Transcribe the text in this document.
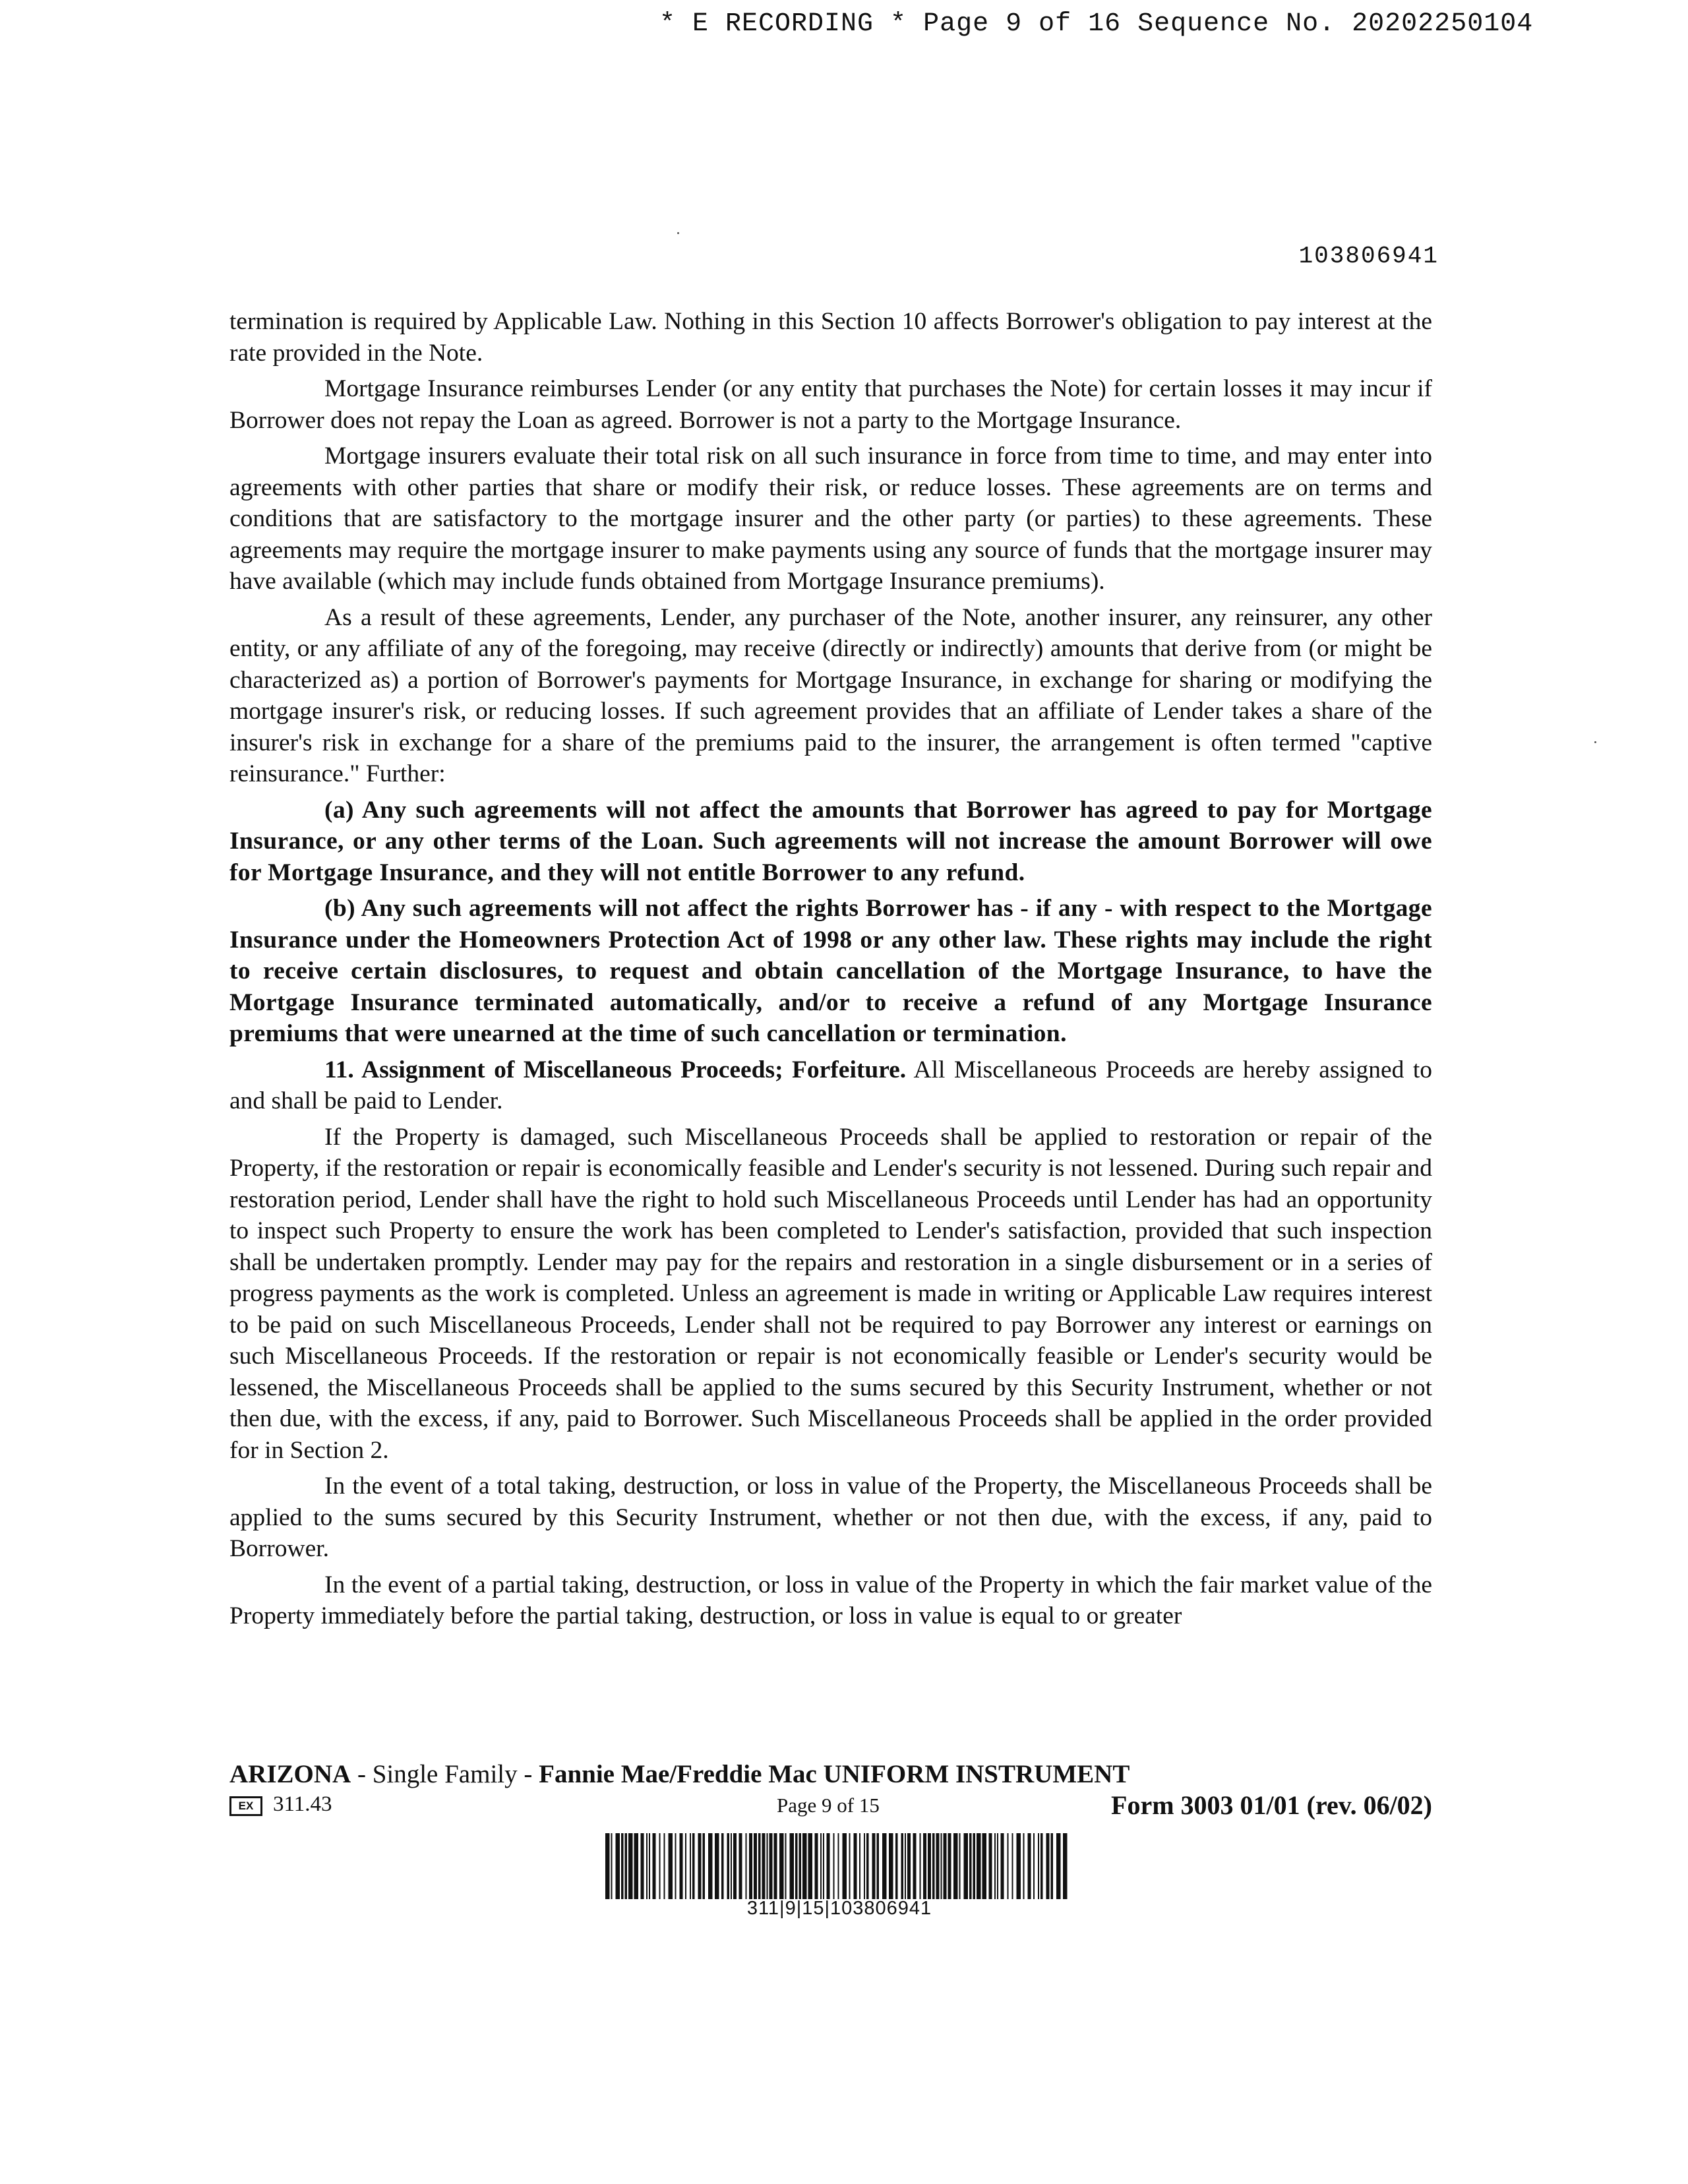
* E RECORDING * Page 9 of 16 Sequence No. 20202250104
103806941

termination is required by Applicable Law. Nothing in this Section 10 affects Borrower's obligation to pay interest at the rate provided in the Note.

Mortgage Insurance reimburses Lender (or any entity that purchases the Note) for certain losses it may incur if Borrower does not repay the Loan as agreed. Borrower is not a party to the Mortgage Insurance.

Mortgage insurers evaluate their total risk on all such insurance in force from time to time, and may enter into agreements with other parties that share or modify their risk, or reduce losses. These agreements are on terms and conditions that are satisfactory to the mortgage insurer and the other party (or parties) to these agreements. These agreements may require the mortgage insurer to make payments using any source of funds that the mortgage insurer may have available (which may include funds obtained from Mortgage Insurance premiums).

As a result of these agreements, Lender, any purchaser of the Note, another insurer, any reinsurer, any other entity, or any affiliate of any of the foregoing, may receive (directly or indirectly) amounts that derive from (or might be characterized as) a portion of Borrower's payments for Mortgage Insurance, in exchange for sharing or modifying the mortgage insurer's risk, or reducing losses. If such agreement provides that an affiliate of Lender takes a share of the insurer's risk in exchange for a share of the premiums paid to the insurer, the arrangement is often termed "captive reinsurance." Further:

(a) Any such agreements will not affect the amounts that Borrower has agreed to pay for Mortgage Insurance, or any other terms of the Loan. Such agreements will not increase the amount Borrower will owe for Mortgage Insurance, and they will not entitle Borrower to any refund.

(b) Any such agreements will not affect the rights Borrower has - if any - with respect to the Mortgage Insurance under the Homeowners Protection Act of 1998 or any other law. These rights may include the right to receive certain disclosures, to request and obtain cancellation of the Mortgage Insurance, to have the Mortgage Insurance terminated automatically, and/or to receive a refund of any Mortgage Insurance premiums that were unearned at the time of such cancellation or termination.

11. Assignment of Miscellaneous Proceeds; Forfeiture. All Miscellaneous Proceeds are hereby assigned to and shall be paid to Lender.

If the Property is damaged, such Miscellaneous Proceeds shall be applied to restoration or repair of the Property, if the restoration or repair is economically feasible and Lender's security is not lessened. During such repair and restoration period, Lender shall have the right to hold such Miscellaneous Proceeds until Lender has had an opportunity to inspect such Property to ensure the work has been completed to Lender's satisfaction, provided that such inspection shall be undertaken promptly. Lender may pay for the repairs and restoration in a single disbursement or in a series of progress payments as the work is completed. Unless an agreement is made in writing or Applicable Law requires interest to be paid on such Miscellaneous Proceeds, Lender shall not be required to pay Borrower any interest or earnings on such Miscellaneous Proceeds. If the restoration or repair is not economically feasible or Lender's security would be lessened, the Miscellaneous Proceeds shall be applied to the sums secured by this Security Instrument, whether or not then due, with the excess, if any, paid to Borrower. Such Miscellaneous Proceeds shall be applied in the order provided for in Section 2.

In the event of a total taking, destruction, or loss in value of the Property, the Miscellaneous Proceeds shall be applied to the sums secured by this Security Instrument, whether or not then due, with the excess, if any, paid to Borrower.

In the event of a partial taking, destruction, or loss in value of the Property in which the fair market value of the Property immediately before the partial taking, destruction, or loss in value is equal to or greater

ARIZONA - Single Family - Fannie Mae/Freddie Mac UNIFORM INSTRUMENT
EX 311.43	Page 9 of 15	Form 3003 01/01 (rev. 06/02)
311|9|15|103806941
